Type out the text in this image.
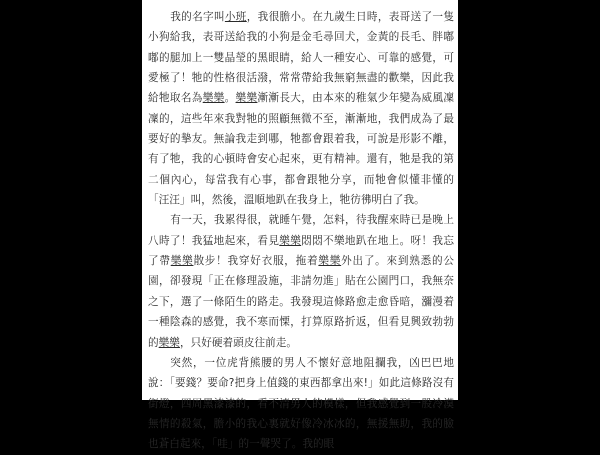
我的名字叫小班，我很膽小。在九歲生日時，表哥送了一隻小狗給我，表哥送給我的小狗是金毛尋回犬，金黃的長毛、胖嘟嘟的腿加上一雙晶瑩的黑眼睛，給人一種安心、可靠的感覺，可愛極了！牠的性格很活潑，常常帶給我無窮無盡的歡樂，因此我給牠取名為樂樂。樂樂漸漸長大，由本來的稚氣少年變為威風凜凜的，這些年來我對牠的照顧無微不至，漸漸地，我們成為了最要好的摯友。無論我走到哪，牠都會跟着我，可說是形影不離，有了牠，我的心頓時會安心起來，更有精神。還有，牠是我的第二個內心，每當我有心事，都會跟牠分享，而牠會似懂非懂的「汪汪」叫，然後，溫順地趴在我身上，牠彷彿明白了我。

有一天，我累得很，就睡午覺，怎料，待我醒來時已是晚上八時了！我猛地起來，看見樂樂悶悶不樂地趴在地上。呀！我忘了帶樂樂散步！我穿好衣服，拖着樂樂外出了。來到熟悉的公園，卻發現「正在修理設施，非請勿進」貼在公園門口，我無奈之下，選了一條陌生的路走。我發現這條路愈走愈昏暗，瀰漫着一種陰森的感覺，我不寒而慄，打算原路折返，但看見興致勃勃的樂樂，只好硬着頭皮往前走。

突然，一位虎背熊腰的男人不懷好意地阻攔我，凶巴巴地說：「要錢？要命?把身上值錢的東西都拿出來!」如此這條路沒有街燈，四周黑漆漆的，看不清男人的模樣，但我感覺到一股冷漠無情的殺氣，膽小的我心裏就好像冷冰冰的，無援無助，我的臉也蒼白起來，「哇」的一聲哭了。我的眼
